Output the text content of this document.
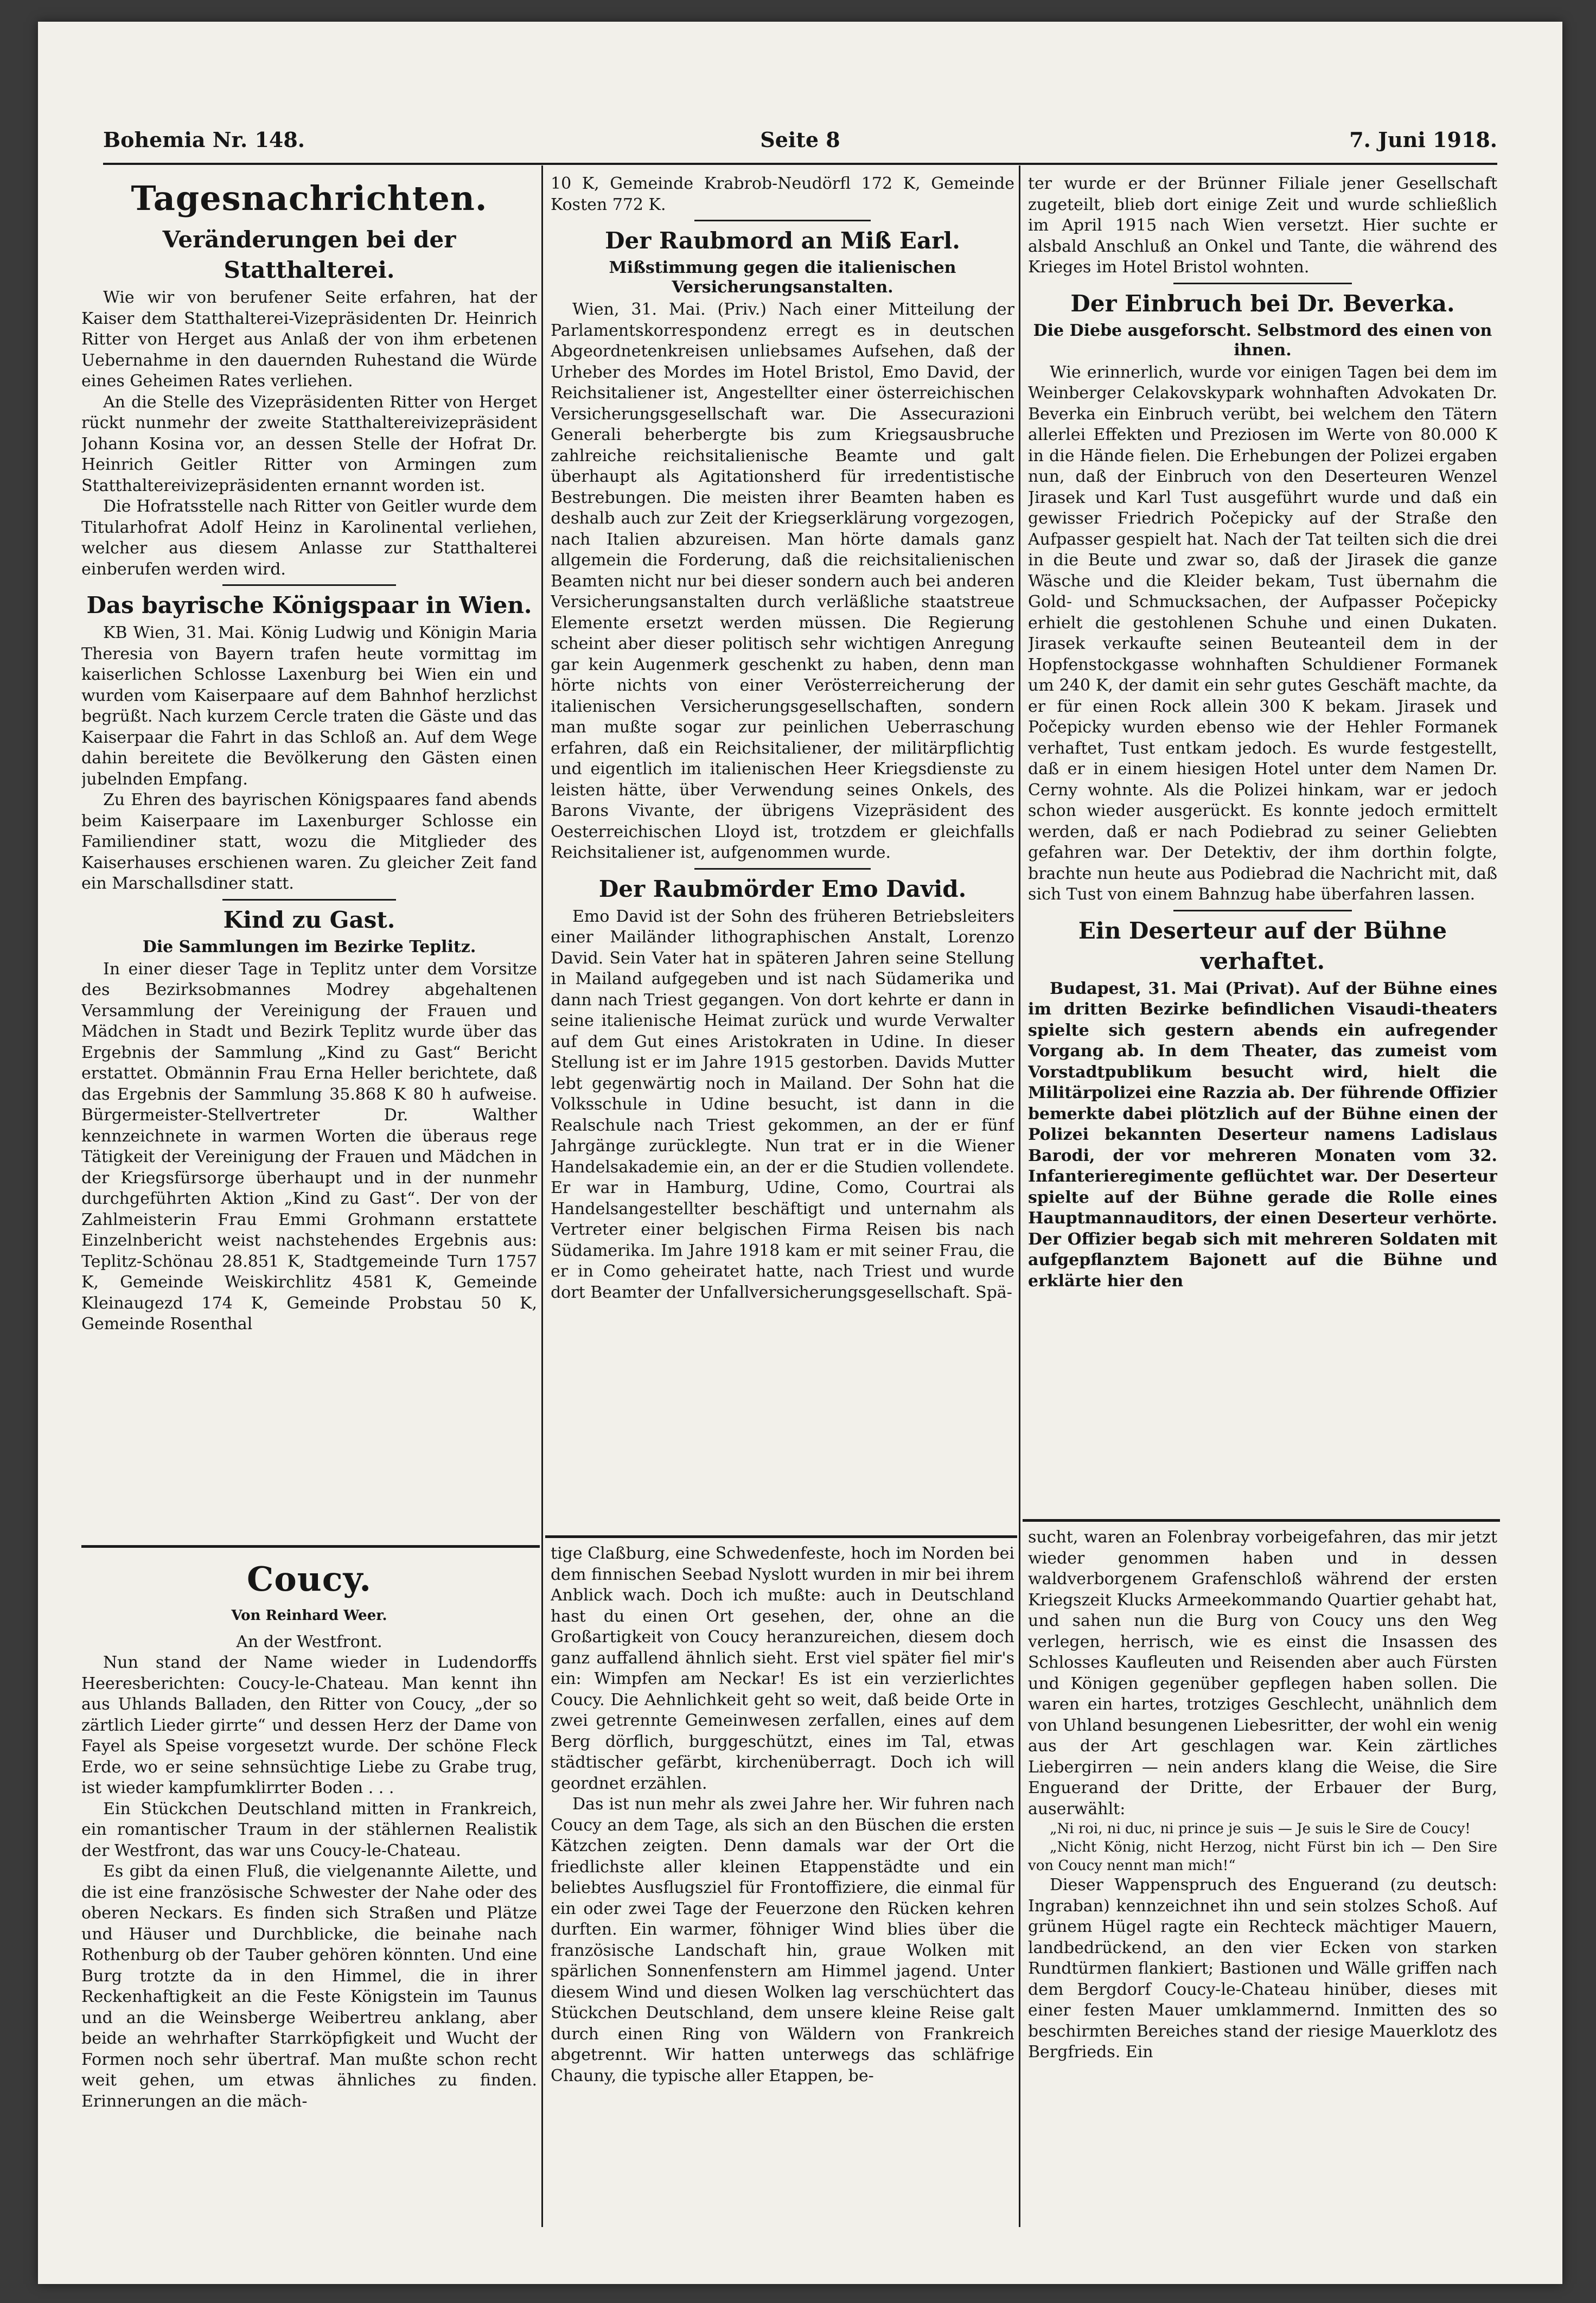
Bohemia Nr. 148.	Seite 8	7. Juni 1918.
Tagesnachrichten.
Veränderungen bei der Statthalterei.

Wie wir von berufener Seite erfahren, hat der Kaiser dem Statthalterei-Vizepräsidenten Dr. Heinrich Ritter von Herget aus Anlaß der von ihm erbetenen Uebernahme in den dauernden Ruhestand die Würde eines Geheimen Rates verliehen.

An die Stelle des Vizepräsidenten Ritter von Herget rückt nunmehr der zweite Statthaltereivizepräsident Johann Kosina vor, an dessen Stelle der Hofrat Dr. Heinrich Geitler Ritter von Armingen zum Statthaltereivizepräsidenten ernannt worden ist.

Die Hofratsstelle nach Ritter von Geitler wurde dem Titularhofrat Adolf Heinz in Karolinental verliehen, welcher aus diesem Anlasse zur Statthalterei einberufen werden wird.

Das bayrische Königspaar in Wien.

KB Wien, 31. Mai. König Ludwig und Königin Maria Theresia von Bayern trafen heute vormittag im kaiserlichen Schlosse Laxenburg bei Wien ein und wurden vom Kaiserpaare auf dem Bahnhof herzlichst begrüßt. Nach kurzem Cercle traten die Gäste und das Kaiserpaar die Fahrt in das Schloß an. Auf dem Wege dahin bereitete die Bevölkerung den Gästen einen jubelnden Empfang.

Zu Ehren des bayrischen Königspaares fand abends beim Kaiserpaare im Laxenburger Schlosse ein Familiendiner statt, wozu die Mitglieder des Kaiserhauses erschienen waren. Zu gleicher Zeit fand ein Marschallsdiner statt.

Kind zu Gast.
Die Sammlungen im Bezirke Teplitz.

In einer dieser Tage in Teplitz unter dem Vorsitze des Bezirksobmannes Modrey abgehaltenen Versammlung der Vereinigung der Frauen und Mädchen in Stadt und Bezirk Teplitz wurde über das Ergebnis der Sammlung „Kind zu Gast“ Bericht erstattet. Obmännin Frau Erna Heller berichtete, daß das Ergebnis der Sammlung 35.868 K 80 h aufweise. Bürgermeister-Stellvertreter Dr. Walther kennzeichnete in warmen Worten die überaus rege Tätigkeit der Vereinigung der Frauen und Mädchen in der Kriegsfürsorge überhaupt und in der nunmehr durchgeführten Aktion „Kind zu Gast“. Der von der Zahlmeisterin Frau Emmi Grohmann erstattete Einzelnbericht weist nachstehendes Ergebnis aus: Teplitz-Schönau 28.851 K, Stadtgemeinde Turn 1757 K, Gemeinde Weiskirchlitz 4581 K, Gemeinde Kleinaugezd 174 K, Gemeinde Probstau 50 K, Gemeinde Rosenthal

Coucy.
Von Reinhard Weer.

An der Westfront.

Nun stand der Name wieder in Ludendorffs Heeresberichten: Coucy-le-Chateau. Man kennt ihn aus Uhlands Balladen, den Ritter von Coucy, „der so zärtlich Lieder girrte“ und dessen Herz der Dame von Fayel als Speise vorgesetzt wurde. Der schöne Fleck Erde, wo er seine sehnsüchtige Liebe zu Grabe trug, ist wieder kampfumklirrter Boden . . .

Ein Stückchen Deutschland mitten in Frankreich, ein romantischer Traum in der stählernen Realistik der Westfront, das war uns Coucy-le-Chateau.

Es gibt da einen Fluß, die vielgenannte Ailette, und die ist eine französische Schwester der Nahe oder des oberen Neckars. Es finden sich Straßen und Plätze und Häuser und Durchblicke, die beinahe nach Rothenburg ob der Tauber gehören könnten. Und eine Burg trotzte da in den Himmel, die in ihrer Reckenhaftigkeit an die Feste Königstein im Taunus und an die Weinsberge Weibertreu anklang, aber beide an wehrhafter Starrköpfigkeit und Wucht der Formen noch sehr übertraf. Man mußte schon recht weit gehen, um etwas ähnliches zu finden. Erinnerungen an die mäch-

10 K, Gemeinde Krabrob-Neudörfl 172 K, Gemeinde Kosten 772 K.

Der Raubmord an Miß Earl.
Mißstimmung gegen die italienischen Versicherungsanstalten.

Wien, 31. Mai. (Priv.) Nach einer Mitteilung der Parlamentskorrespondenz erregt es in deutschen Abgeordnetenkreisen unliebsames Aufsehen, daß der Urheber des Mordes im Hotel Bristol, Emo David, der Reichsitaliener ist, Angestellter einer österreichischen Versicherungsgesellschaft war. Die Assecurazioni Generali beherbergte bis zum Kriegsausbruche zahlreiche reichsitalienische Beamte und galt überhaupt als Agitationsherd für irredentistische Bestrebungen. Die meisten ihrer Beamten haben es deshalb auch zur Zeit der Kriegserklärung vorgezogen, nach Italien abzureisen. Man hörte damals ganz allgemein die Forderung, daß die reichsitalienischen Beamten nicht nur bei dieser sondern auch bei anderen Versicherungsanstalten durch verläßliche staatstreue Elemente ersetzt werden müssen. Die Regierung scheint aber dieser politisch sehr wichtigen Anregung gar kein Augenmerk geschenkt zu haben, denn man hörte nichts von einer Verösterreicherung der italienischen Versicherungsgesellschaften, sondern man mußte sogar zur peinlichen Ueberraschung erfahren, daß ein Reichsitaliener, der militärpflichtig und eigentlich im italienischen Heer Kriegsdienste zu leisten hätte, über Verwendung seines Onkels, des Barons Vivante, der übrigens Vizepräsident des Oesterreichischen Lloyd ist, trotzdem er gleichfalls Reichsitaliener ist, aufgenommen wurde.

Der Raubmörder Emo David.

Emo David ist der Sohn des früheren Betriebsleiters einer Mailänder lithographischen Anstalt, Lorenzo David. Sein Vater hat in späteren Jahren seine Stellung in Mailand aufgegeben und ist nach Südamerika und dann nach Triest gegangen. Von dort kehrte er dann in seine italienische Heimat zurück und wurde Verwalter auf dem Gut eines Aristokraten in Udine. In dieser Stellung ist er im Jahre 1915 gestorben. Davids Mutter lebt gegenwärtig noch in Mailand. Der Sohn hat die Volksschule in Udine besucht, ist dann in die Realschule nach Triest gekommen, an der er fünf Jahrgänge zurücklegte. Nun trat er in die Wiener Handelsakademie ein, an der er die Studien vollendete. Er war in Hamburg, Udine, Como, Courtrai als Handelsangestellter beschäftigt und unternahm als Vertreter einer belgischen Firma Reisen bis nach Südamerika. Im Jahre 1918 kam er mit seiner Frau, die er in Como geheiratet hatte, nach Triest und wurde dort Beamter der Unfallversicherungsgesellschaft. Spä-

tige Claßburg, eine Schwedenfeste, hoch im Norden bei dem finnischen Seebad Nyslott wurden in mir bei ihrem Anblick wach. Doch ich mußte: auch in Deutschland hast du einen Ort gesehen, der, ohne an die Großartigkeit von Coucy heranzureichen, diesem doch ganz auffallend ähnlich sieht. Erst viel später fiel mir's ein: Wimpfen am Neckar! Es ist ein verzierlichtes Coucy. Die Aehnlichkeit geht so weit, daß beide Orte in zwei getrennte Gemeinwesen zerfallen, eines auf dem Berg dörflich, burggeschützt, eines im Tal, etwas städtischer gefärbt, kirchenüberragt. Doch ich will geordnet erzählen.

Das ist nun mehr als zwei Jahre her. Wir fuhren nach Coucy an dem Tage, als sich an den Büschen die ersten Kätzchen zeigten. Denn damals war der Ort die friedlichste aller kleinen Etappenstädte und ein beliebtes Ausflugsziel für Frontoffiziere, die einmal für ein oder zwei Tage der Feuerzone den Rücken kehren durften. Ein warmer, föhniger Wind blies über die französische Landschaft hin, graue Wolken mit spärlichen Sonnenfenstern am Himmel jagend. Unter diesem Wind und diesen Wolken lag verschüchtert das Stückchen Deutschland, dem unsere kleine Reise galt durch einen Ring von Wäldern von Frankreich abgetrennt. Wir hatten unterwegs das schläfrige Chauny, die typische aller Etappen, be-

ter wurde er der Brünner Filiale jener Gesellschaft zugeteilt, blieb dort einige Zeit und wurde schließlich im April 1915 nach Wien versetzt. Hier suchte er alsbald Anschluß an Onkel und Tante, die während des Krieges im Hotel Bristol wohnten.

Der Einbruch bei Dr. Beverka.
Die Diebe ausgeforscht. Selbstmord des einen von ihnen.

Wie erinnerlich, wurde vor einigen Tagen bei dem im Weinberger Celakovskypark wohnhaften Advokaten Dr. Beverka ein Einbruch verübt, bei welchem den Tätern allerlei Effekten und Preziosen im Werte von 80.000 K in die Hände fielen. Die Erhebungen der Polizei ergaben nun, daß der Einbruch von den Deserteuren Wenzel Jirasek und Karl Tust ausgeführt wurde und daß ein gewisser Friedrich Počepicky auf der Straße den Aufpasser gespielt hat. Nach der Tat teilten sich die drei in die Beute und zwar so, daß der Jirasek die ganze Wäsche und die Kleider bekam, Tust übernahm die Gold- und Schmucksachen, der Aufpasser Počepicky erhielt die gestohlenen Schuhe und einen Dukaten. Jirasek verkaufte seinen Beuteanteil dem in der Hopfenstockgasse wohnhaften Schuldiener Formanek um 240 K, der damit ein sehr gutes Geschäft machte, da er für einen Rock allein 300 K bekam. Jirasek und Počepicky wurden ebenso wie der Hehler Formanek verhaftet, Tust entkam jedoch. Es wurde festgestellt, daß er in einem hiesigen Hotel unter dem Namen Dr. Cerny wohnte. Als die Polizei hinkam, war er jedoch schon wieder ausgerückt. Es konnte jedoch ermittelt werden, daß er nach Podiebrad zu seiner Geliebten gefahren war. Der Detektiv, der ihm dorthin folgte, brachte nun heute aus Podiebrad die Nachricht mit, daß sich Tust von einem Bahnzug habe überfahren lassen.

Ein Deserteur auf der Bühne verhaftet.

Budapest, 31. Mai (Privat). Auf der Bühne eines im dritten Bezirke befindlichen Visaudi-theaters spielte sich gestern abends ein aufregender Vorgang ab. In dem Theater, das zumeist vom Vorstadtpublikum besucht wird, hielt die Militärpolizei eine Razzia ab. Der führende Offizier bemerkte dabei plötzlich auf der Bühne einen der Polizei bekannten Deserteur namens Ladislaus Barodi, der vor mehreren Monaten vom 32. Infanterieregimente geflüchtet war. Der Deserteur spielte auf der Bühne gerade die Rolle eines Hauptmannauditors, der einen Deserteur verhörte. Der Offizier begab sich mit mehreren Soldaten mit aufgepflanztem Bajonett auf die Bühne und erklärte hier den

sucht, waren an Folenbray vorbeigefahren, das mir jetzt wieder genommen haben und in dessen waldverborgenem Grafenschloß während der ersten Kriegszeit Klucks Armeekommando Quartier gehabt hat, und sahen nun die Burg von Coucy uns den Weg verlegen, herrisch, wie es einst die Insassen des Schlosses Kaufleuten und Reisenden aber auch Fürsten und Königen gegenüber gepflegen haben sollen. Die waren ein hartes, trotziges Geschlecht, unähnlich dem von Uhland besungenen Liebesritter, der wohl ein wenig aus der Art geschlagen war. Kein zärtliches Liebergirren — nein anders klang die Weise, die Sire Enguerand der Dritte, der Erbauer der Burg, auserwählt:

„Ni roi, ni duc, ni prince je suis — Je suis le Sire de Coucy!

„Nicht König, nicht Herzog, nicht Fürst bin ich — Den Sire von Coucy nennt man mich!“

Dieser Wappenspruch des Enguerand (zu deutsch: Ingraban) kennzeichnet ihn und sein stolzes Schoß. Auf grünem Hügel ragte ein Rechteck mächtiger Mauern, landbedrückend, an den vier Ecken von starken Rundtürmen flankiert; Bastionen und Wälle griffen nach dem Bergdorf Coucy-le-Chateau hinüber, dieses mit einer festen Mauer umklammernd. Inmitten des so beschirmten Bereiches stand der riesige Mauerklotz des Bergfrieds. Ein
